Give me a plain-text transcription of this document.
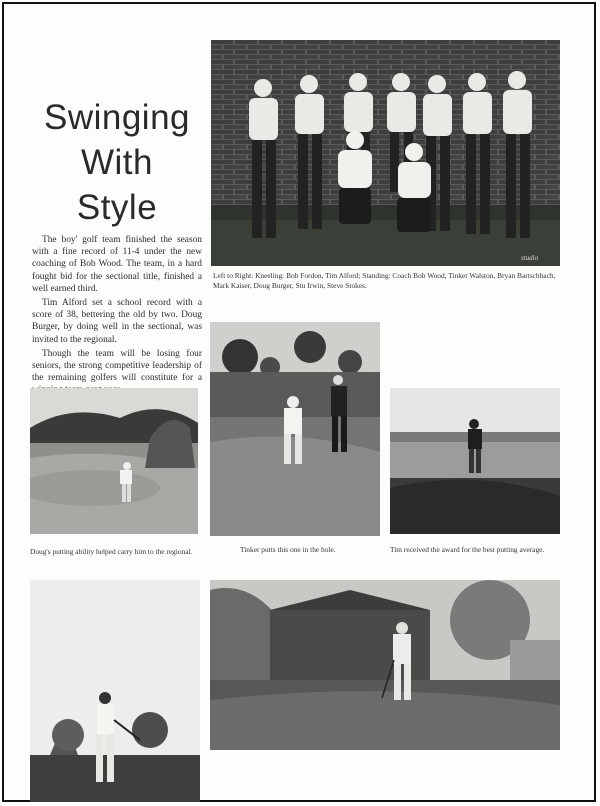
Swinging
With
Style

The boy' golf team finished the season with a fine record of 11-4 under the new coaching of Bob Wood. The team, in a hard fought bid for the sectional title, finished a well earned third.

Tim Alford set a school record with a score of 38, bettering the old by two. Doug Burger, by doing well in the sectional, was invited to the regional.

Though the team will be losing four seniors, the strong competitive leadership of the remaining golfers will constitute for a

studio
Left to Right: Kneeling: Bob Fordon, Tim Alford; Standing: Coach Bob Wood, Tinker Walston, Bryan Bartschbach, Mark Kaiser, Doug Burger, Stu Irwin, Steve Stokes.
Doug's putting ability helped carry him to the regional.	Tinker putts this one in the hole.	Tim received the award for the best putting average.
